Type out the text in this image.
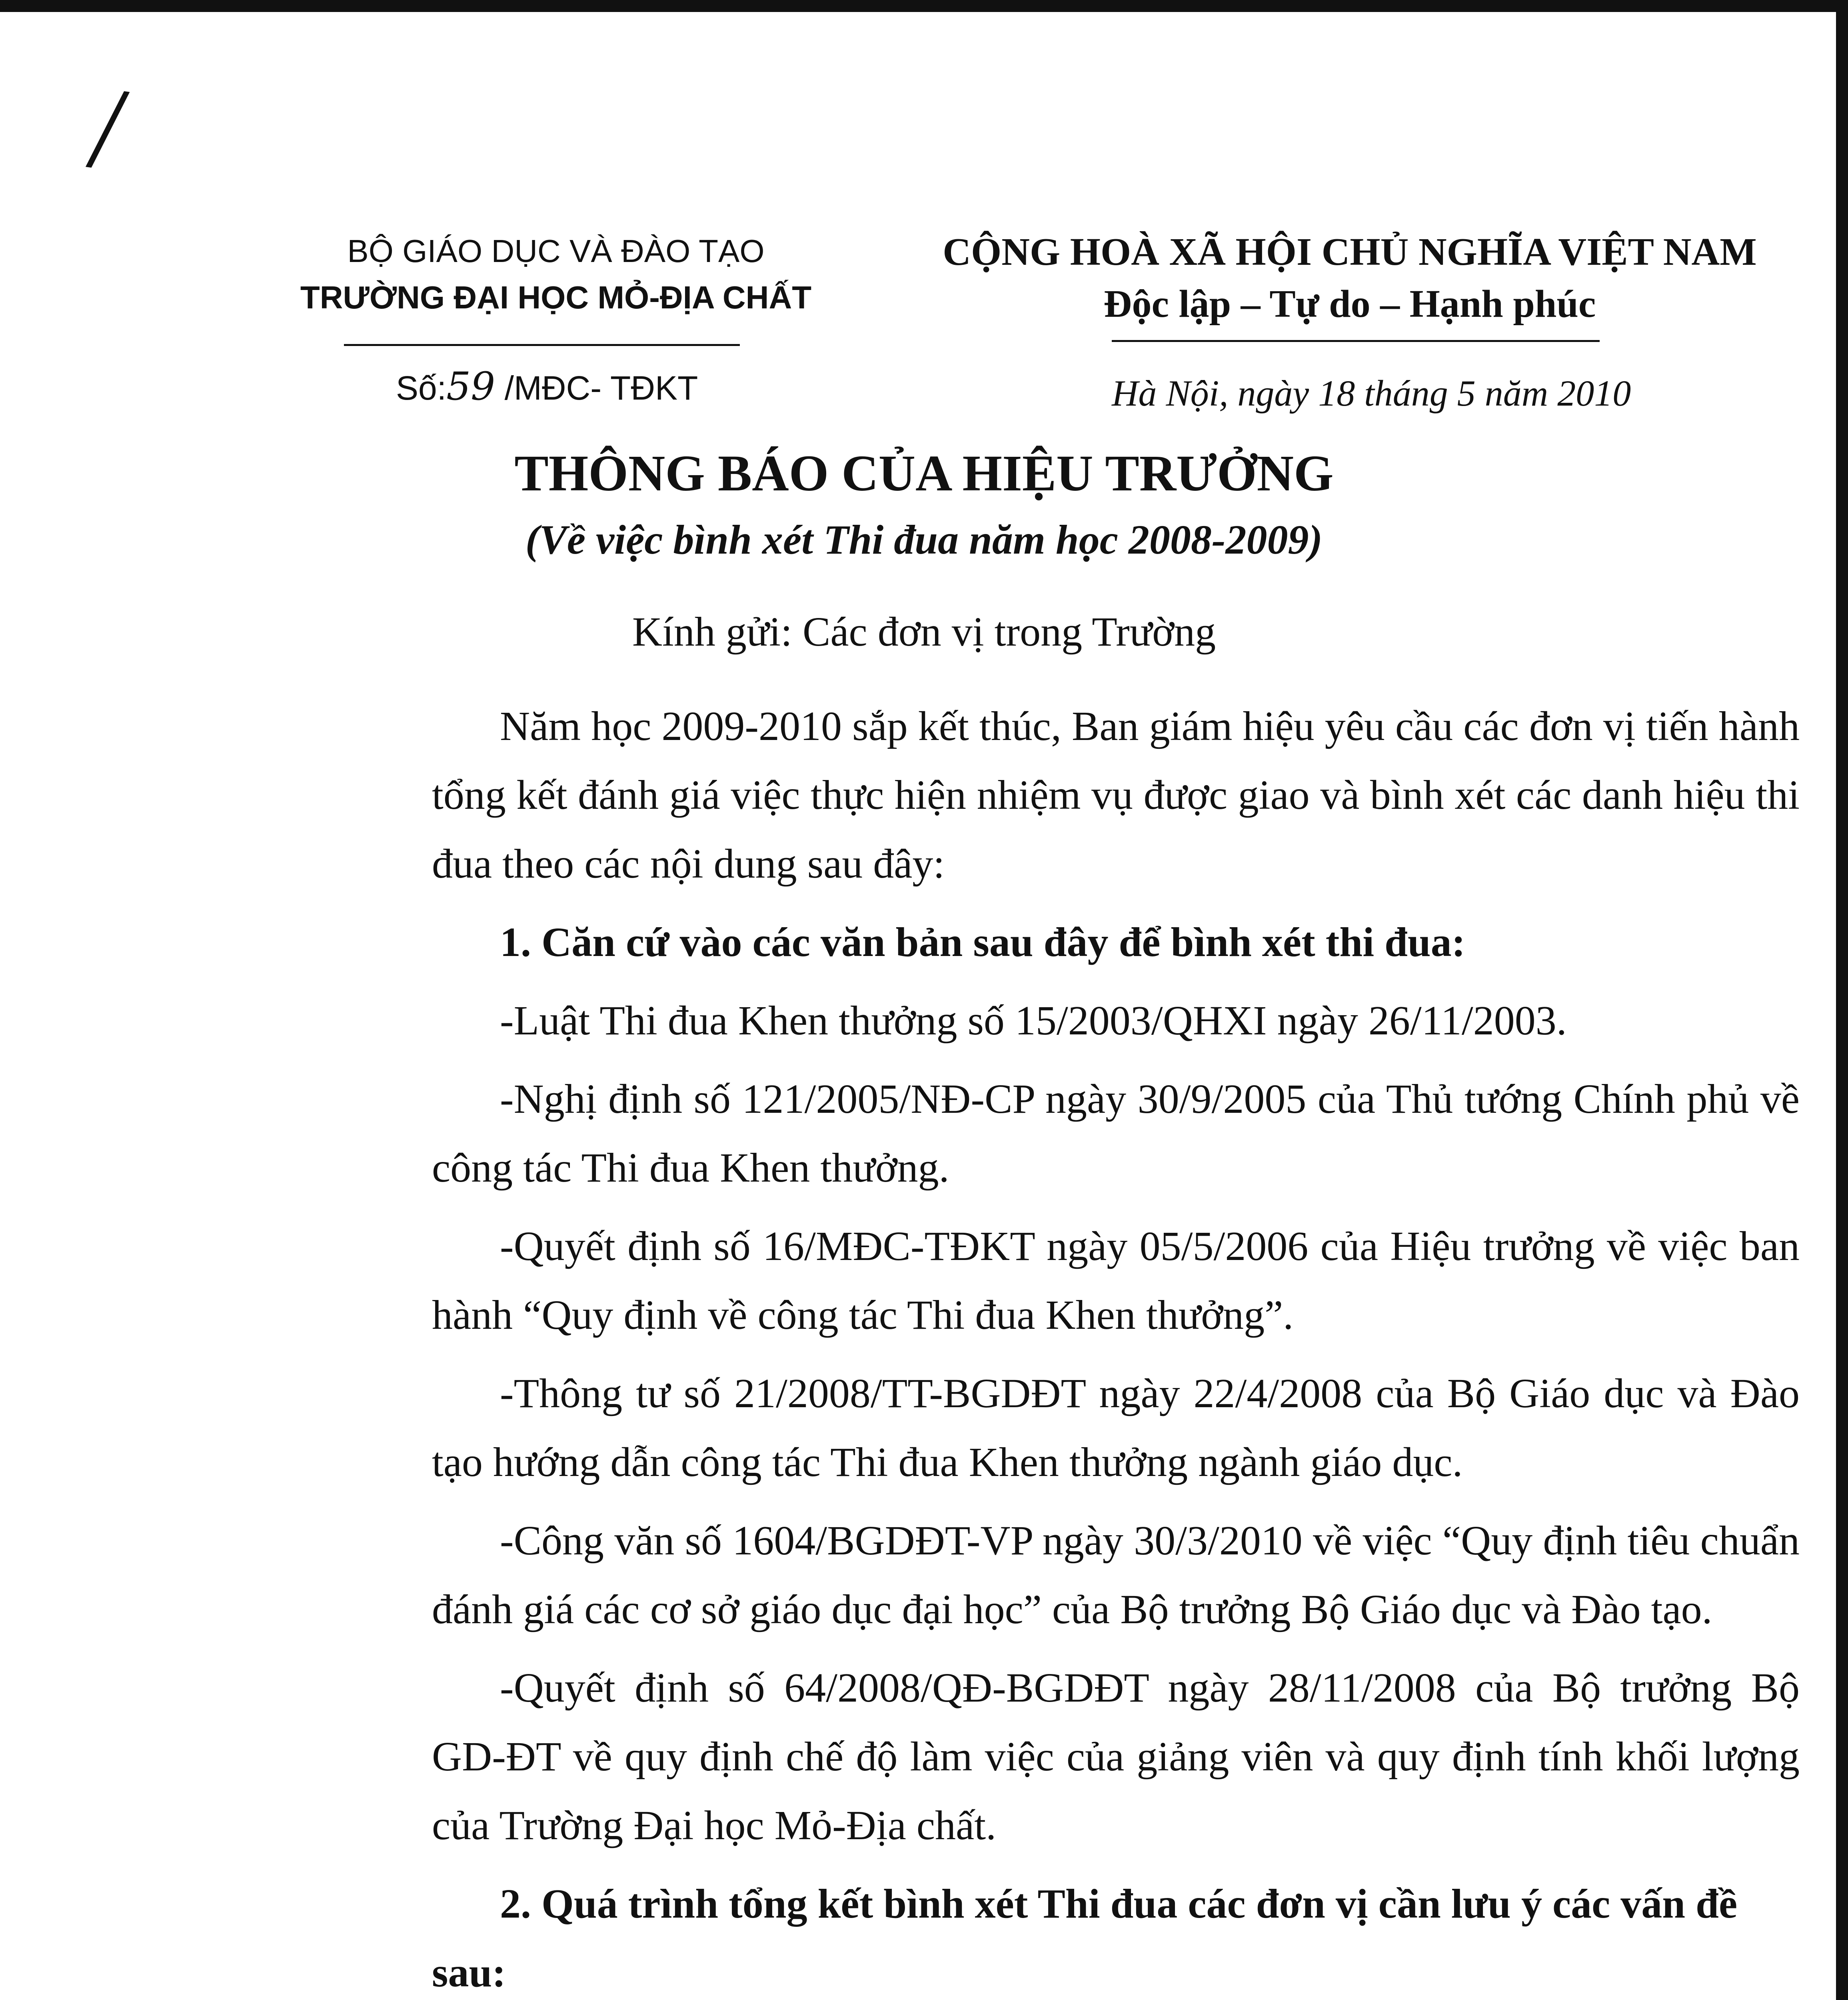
/
BỘ GIÁO DỤC VÀ ĐÀO TẠO
TRƯỜNG ĐẠI HỌC MỎ-ĐỊA CHẤT
Số:59 /MĐC- TĐKT
CỘNG HOÀ XÃ HỘI CHỦ NGHĨA VIỆT NAM
Độc lập – Tự do – Hạnh phúc
Hà Nội, ngày 18 tháng 5 năm 2010
THÔNG BÁO CỦA HIỆU TRƯỞNG
(Về việc bình xét Thi đua năm học 2008-2009)
Kính gửi: Các đơn vị trong Trường

Năm học 2009-2010 sắp kết thúc, Ban giám hiệu yêu cầu các đơn vị tiến hành tổng kết đánh giá việc thực hiện nhiệm vụ được giao và bình xét các danh hiệu thi đua theo các nội dung sau đây:

1. Căn cứ vào các văn bản sau đây để bình xét thi đua:

-Luật Thi đua Khen thưởng số 15/2003/QHXI ngày 26/11/2003.

-Nghị định số 121/2005/NĐ-CP ngày 30/9/2005 của Thủ tướng Chính phủ về công tác Thi đua Khen thưởng.

-Quyết định số 16/MĐC-TĐKT ngày 05/5/2006 của Hiệu trưởng về việc ban hành “Quy định về công tác Thi đua Khen thưởng”.

-Thông tư số 21/2008/TT-BGDĐT ngày 22/4/2008 của Bộ Giáo dục và Đào tạo hướng dẫn công tác Thi đua Khen thưởng ngành giáo dục.

-Công văn số 1604/BGDĐT-VP ngày 30/3/2010 về việc “Quy định tiêu chuẩn đánh giá các cơ sở giáo dục đại học” của Bộ trưởng Bộ Giáo dục và Đào tạo.

-Quyết định số 64/2008/QĐ-BGDĐT ngày 28/11/2008 của Bộ trưởng Bộ GD-ĐT về quy định chế độ làm việc của giảng viên và quy định tính khối lượng của Trường Đại học Mỏ-Địa chất.

2. Quá trình tổng kết bình xét Thi đua các đơn vị cần lưu ý các vấn đề sau:
